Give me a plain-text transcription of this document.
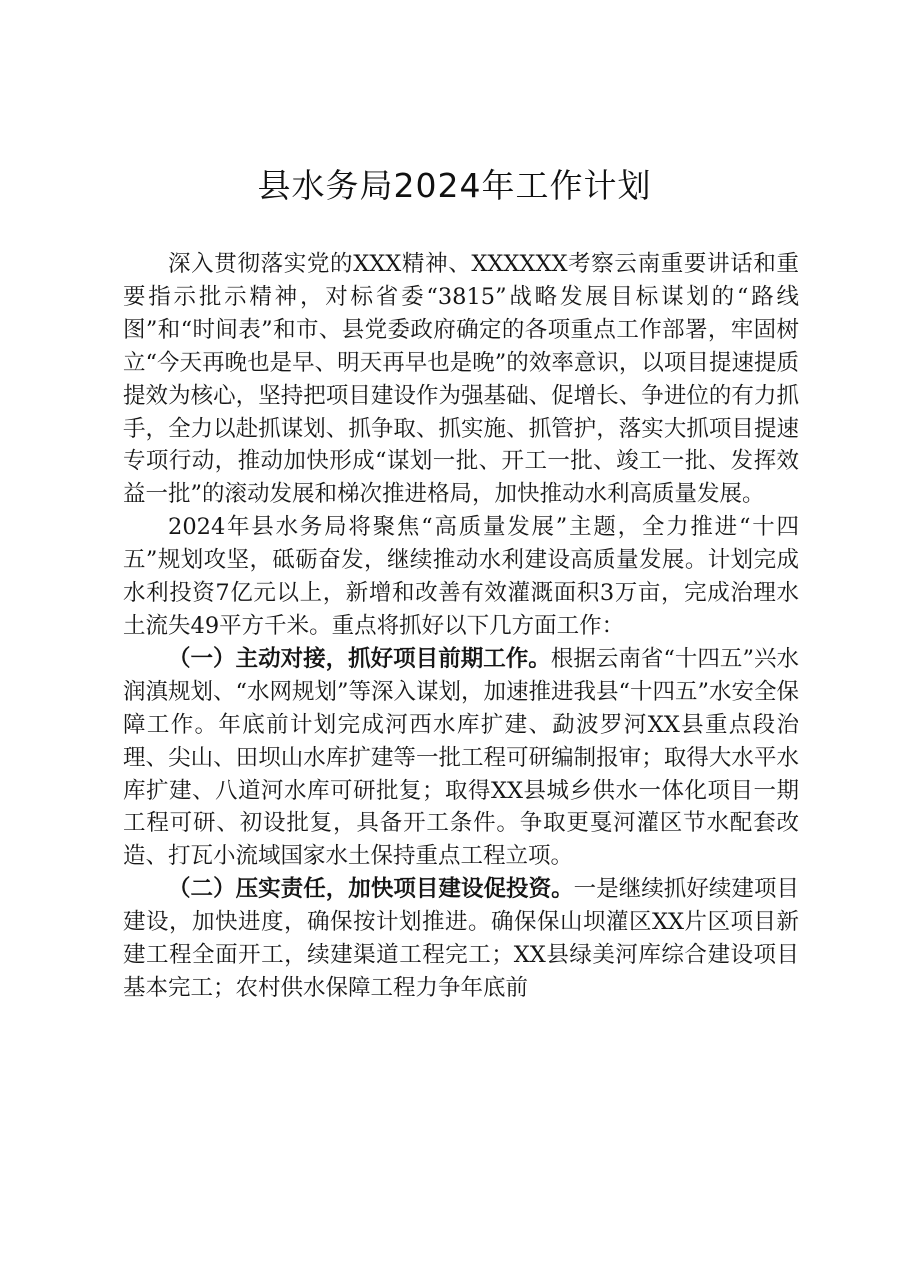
县水务局2024年工作计划

深入贯彻落实党的XXX精神、XXXXXX考察云南重要讲话和重要指示批示精神，对标省委“3815”战略发展目标谋划的“路线图”和“时间表”和市、县党委政府确定的各项重点工作部署，牢固树立“今天再晚也是早、明天再早也是晚”的效率意识，以项目提速提质提效为核心，坚持把项目建设作为强基础、促增长、争进位的有力抓手，全力以赴抓谋划、抓争取、抓实施、抓管护，落实大抓项目提速专项行动，推动加快形成“谋划一批、开工一批、竣工一批、发挥效益一批”的滚动发展和梯次推进格局，加快推动水利高质量发展。

2024年县水务局将聚焦“高质量发展”主题，全力推进“十四五”规划攻坚，砥砺奋发，继续推动水利建设高质量发展。计划完成水利投资7亿元以上，新增和改善有效灌溉面积3万亩，完成治理水土流失49平方千米。重点将抓好以下几方面工作：

（一）主动对接，抓好项目前期工作。根据云南省“十四五”兴水润滇规划、“水网规划”等深入谋划，加速推进我县“十四五”水安全保障工作。年底前计划完成河西水库扩建、勐波罗河XX县重点段治理、尖山、田坝山水库扩建等一批工程可研编制报审；取得大水平水库扩建、八道河水库可研批复；取得XX县城乡供水一体化项目一期工程可研、初设批复，具备开工条件。争取更戛河灌区节水配套改造、打瓦小流域国家水土保持重点工程立项。

（二）压实责任，加快项目建设促投资。一是继续抓好续建项目建设，加快进度，确保按计划推进。确保保山坝灌区XX片区项目新建工程全面开工，续建渠道工程完工；XX县绿美河库综合建设项目基本完工；农村供水保障工程力争年底前
